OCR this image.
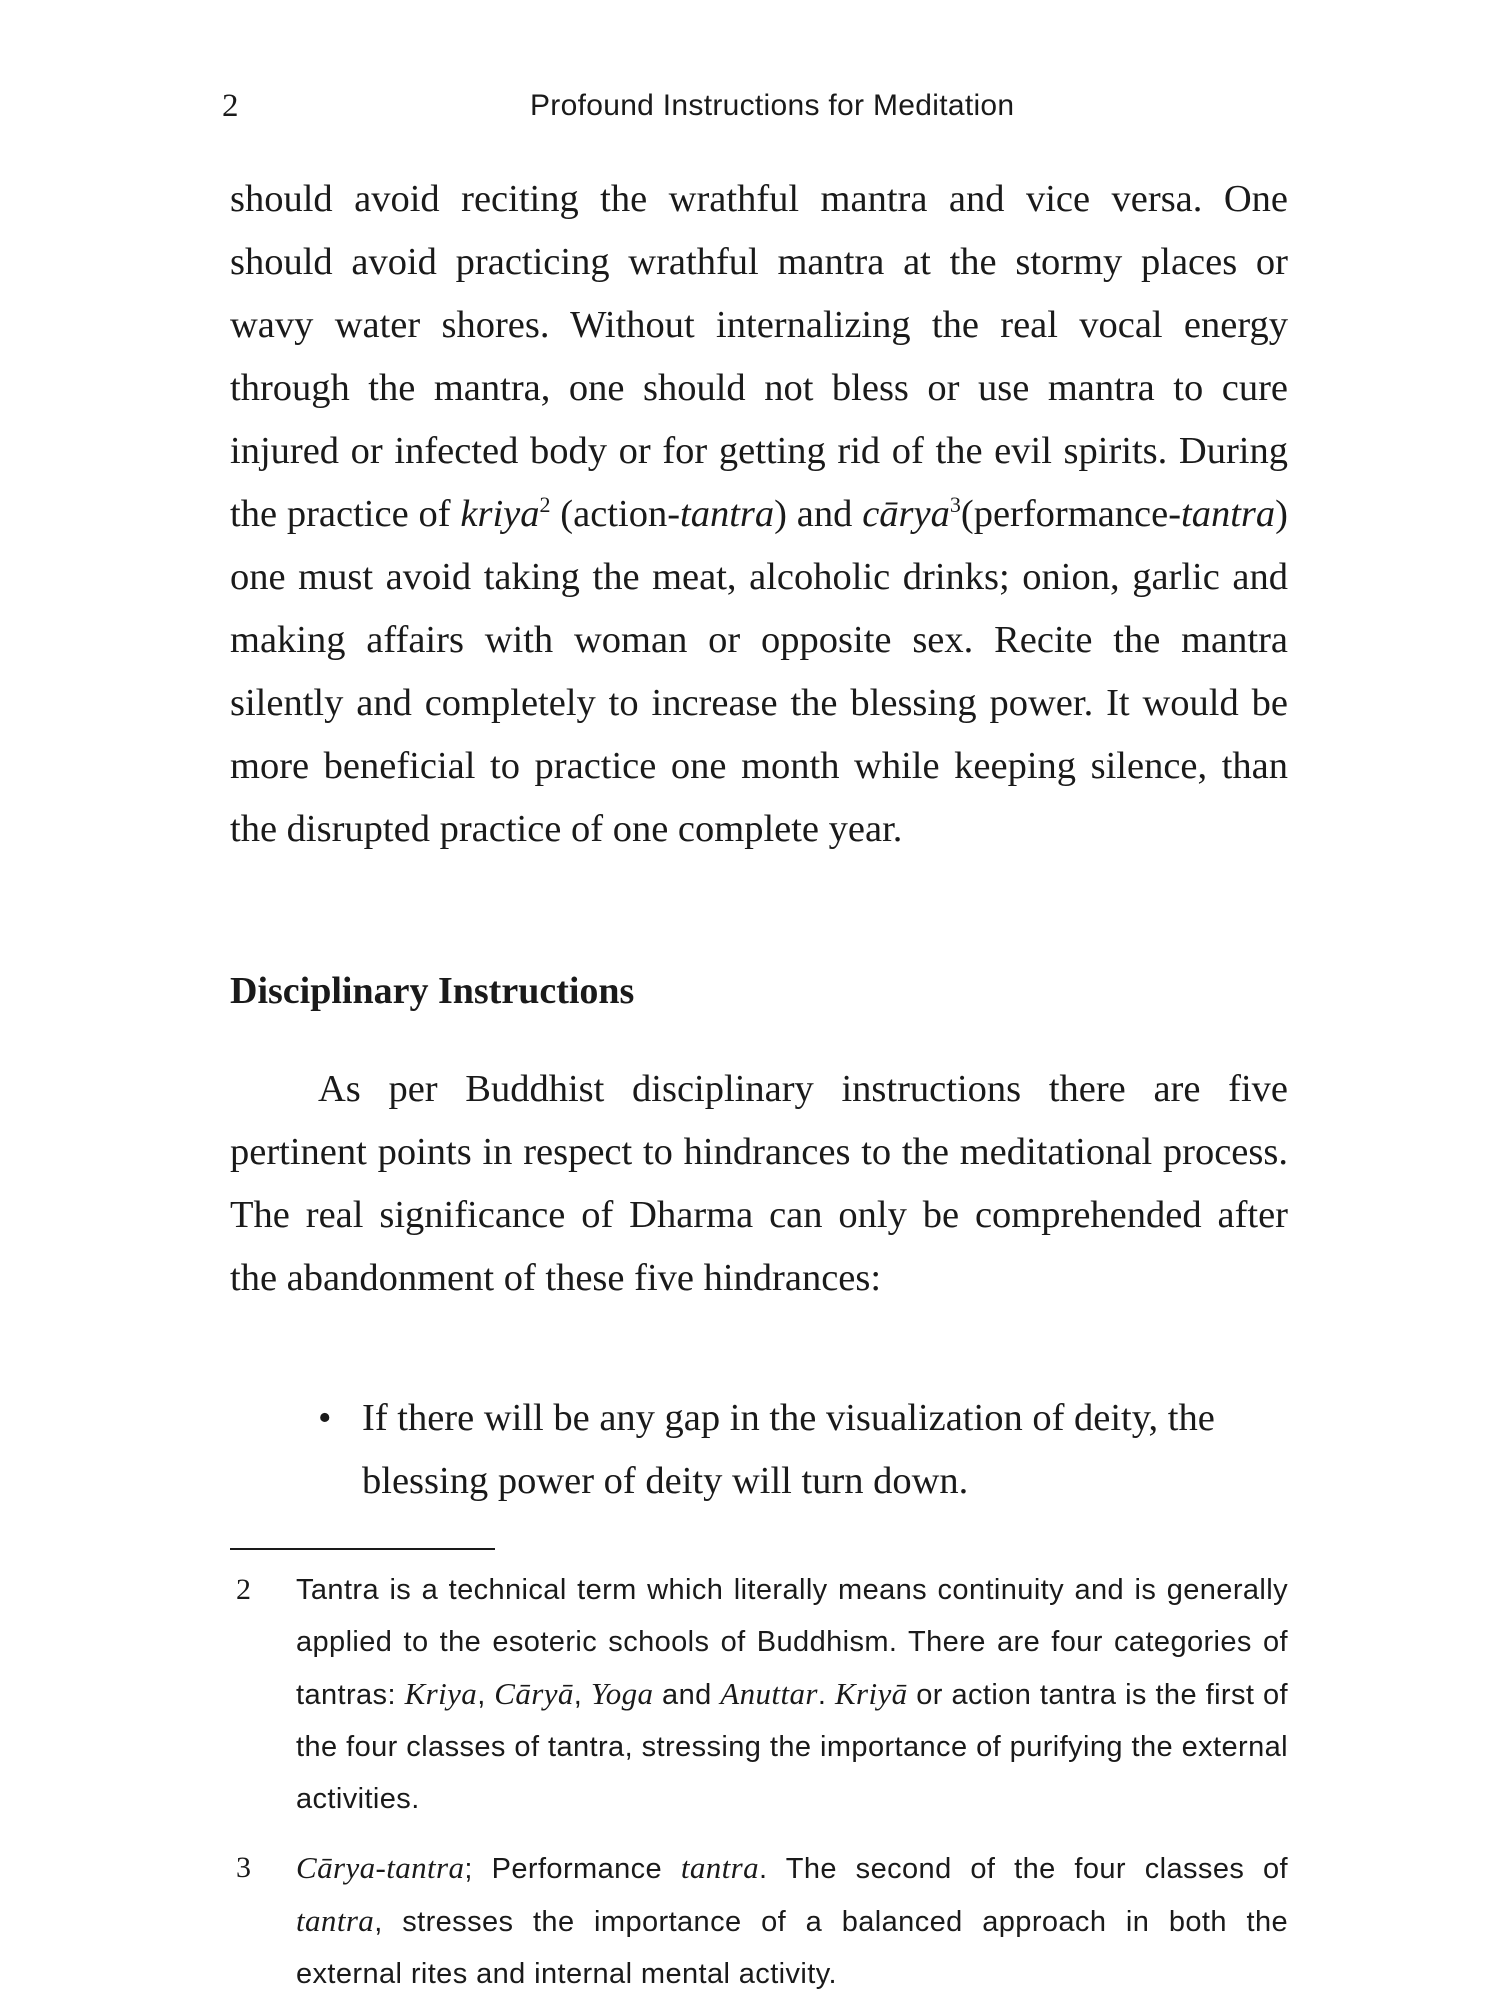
2	Profound Instructions for Meditation

should avoid reciting the wrathful mantra and vice versa. One should avoid practicing wrathful mantra at the stormy places or wavy water shores. Without internalizing the real vocal energy through the mantra, one should not bless or use mantra to cure injured or infected body or for getting rid of the evil spirits. During the practice of kriya$^2$ (action-tantra) and cārya$^3$(performance-tantra) one must avoid taking the meat, alcoholic drinks; onion, garlic and making affairs with woman or opposite sex. Recite the mantra silently and completely to increase the blessing power. It would be more beneficial to practice one month while keeping silence, than the disrupted practice of one complete year.

Disciplinary Instructions

As per Buddhist disciplinary instructions there are five pertinent points in respect to hindrances to the meditational process. The real significance of Dharma can only be comprehended after the abandonment of these five hindrances:

• If there will be any gap in the visualization of deity, the blessing power of deity will turn down.
2 Tantra is a technical term which literally means continuity and is generally applied to the esoteric schools of Buddhism. There are four categories of tantras: Kriya, Cāryā, Yoga and Anuttar. Kriyā or action tantra is the first of the four classes of tantra, stressing the importance of purifying the external activities.
3 Cārya-tantra; Performance tantra. The second of the four classes of tantra, stresses the importance of a balanced approach in both the external rites and internal mental activity.
